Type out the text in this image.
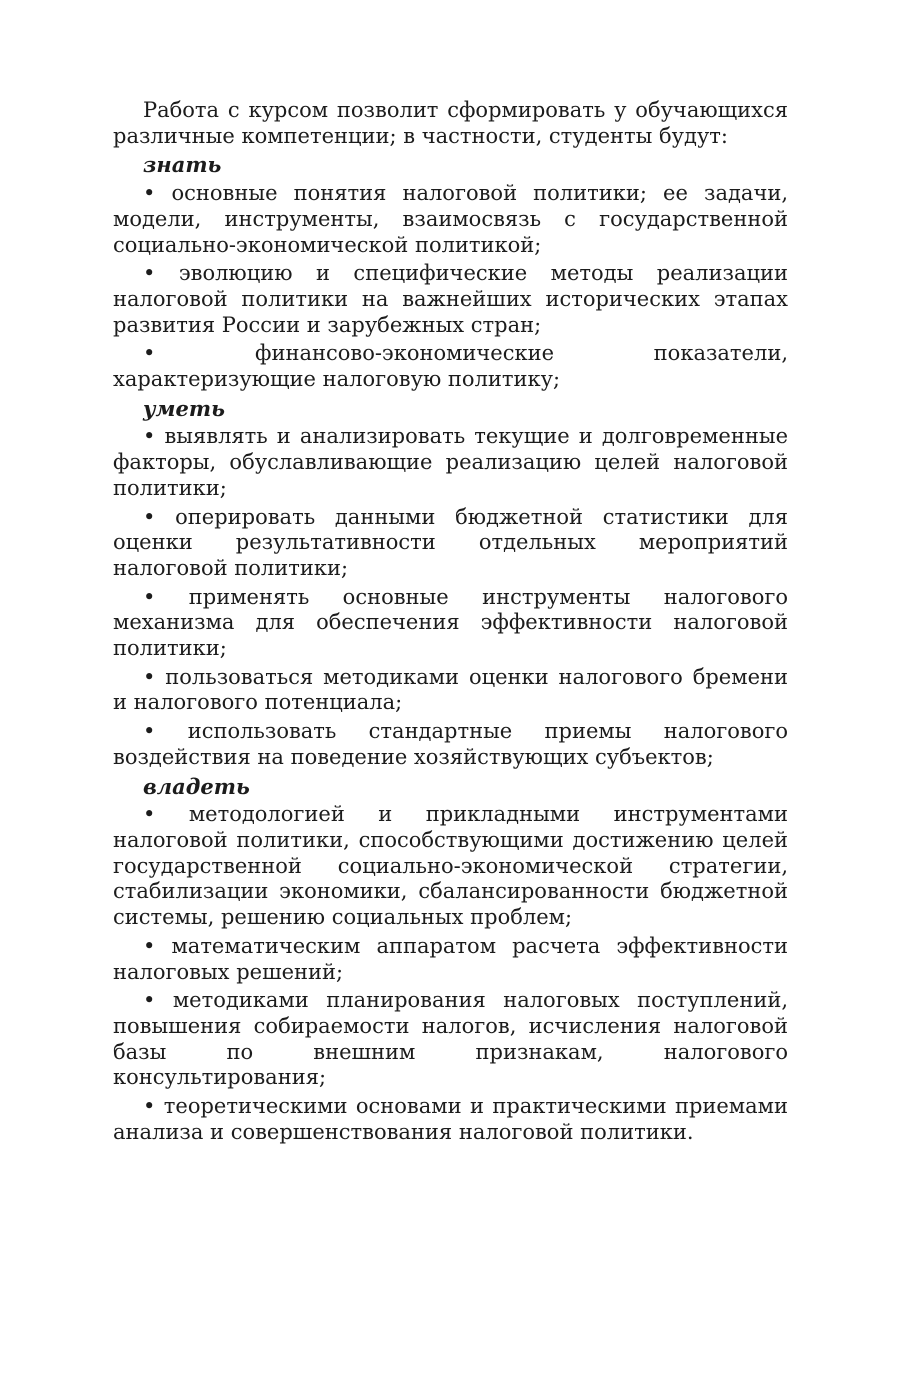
Работа с курсом позволит сформировать у обучающихся различные компетенции; в частности, студенты будут:

знать

• основные понятия налоговой политики; ее задачи, модели, инструменты, взаимосвязь с государственной социально-экономической политикой;

• эволюцию и специфические методы реализации налоговой политики на важнейших исторических этапах развития России и зарубежных стран;

• финансово-экономические показатели, характеризующие налоговую политику;

уметь

• выявлять и анализировать текущие и долговременные факторы, обуславливающие реализацию целей налоговой политики;

• оперировать данными бюджетной статистики для оценки результативности отдельных мероприятий налоговой политики;

• применять основные инструменты налогового механизма для обеспечения эффективности налоговой политики;

• пользоваться методиками оценки налогового бремени и налогового потенциала;

• использовать стандартные приемы налогового воздействия на поведение хозяйствующих субъектов;

владеть

• методологией и прикладными инструментами налоговой политики, способствующими достижению целей государственной социально-экономической стратегии, стабилизации экономики, сбалансированности бюджетной системы, решению социальных проблем;

• математическим аппаратом расчета эффективности налоговых решений;

• методиками планирования налоговых поступлений, повышения собираемости налогов, исчисления налоговой базы по внешним признакам, налогового консультирования;

• теоретическими основами и практическими приемами анализа и совершенствования налоговой политики.
